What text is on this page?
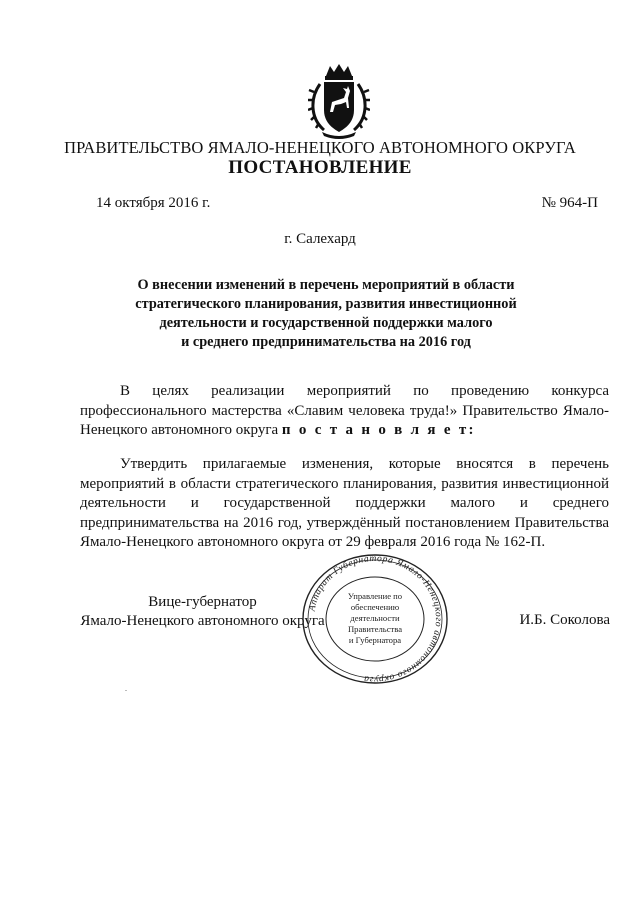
ПРАВИТЕЛЬСТВО ЯМАЛО-НЕНЕЦКОГО АВТОНОМНОГО ОКРУГА
ПОСТАНОВЛЕНИЕ
14 октября 2016 г.	№ 964-П
г. Салехард
О внесении изменений в перечень мероприятий в области
стратегического планирования, развития инвестиционной
деятельности и государственной поддержки малого
и среднего предпринимательства на 2016 год

В целях реализации мероприятий по проведению конкурса профессионального мастерства «Славим человека труда!» Правительство Ямало-Ненецкого автономного округа п о с т а н о в л я е т:

Утвердить прилагаемые изменения, которые вносятся в перечень мероприятий в области стратегического планирования, развития инвестиционной деятельности и государственной поддержки малого и среднего предпринимательства на 2016 год, утверждённый постановлением Правительства Ямало-Ненецкого автономного округа от 29 февраля 2016 года № 162-П.

Вице-губернатор
Ямало-Ненецкого автономного округа
Аппарат Губернатора Ямало-Ненецкого автономного округа
Управление по
обеспечению
деятельности
Правительства
и Губернатора
И.Б. Соколова
